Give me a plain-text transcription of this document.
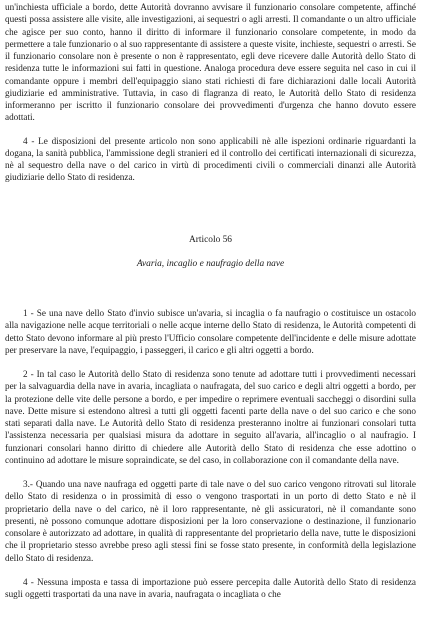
un'inchiesta ufficiale a bordo, dette Autorità dovranno avvisare il funzionario consolare competente, affinché questi possa assistere alle visite, alle investigazioni, ai sequestri o agli arresti. Il comandante o un altro ufficiale che agisce per suo conto, hanno il diritto di informare il funzionario consolare competente, in modo da permettere a tale funzionario o al suo rappresentante di assistere a queste visite, inchieste, sequestri o arresti. Se il funzionario consolare non è presente o non è rappresentato, egli deve ricevere dalle Autorità dello Stato di residenza tutte le informazioni sui fatti in questione. Analoga procedura deve essere seguita nel caso in cui il comandante oppure i membri dell'equipaggio siano stati richiesti di fare dichiarazioni dalle locali Autorità giudiziarie ed amministrative. Tuttavia, in caso di flagranza di reato, le Autorità dello Stato di residenza informeranno per iscritto il funzionario consolare dei provvedimenti d'urgenza che hanno dovuto essere adottati.

4 - Le disposizioni del presente articolo non sono applicabili nè alle ispezioni ordinarie riguardanti la dogana, la sanità pubblica, l'ammissione degli stranieri ed il controllo dei certificati internazionali di sicurezza, nè al sequestro della nave o del carico in virtù di procedimenti civili o commerciali dinanzi alle Autorità giudiziarie dello Stato di residenza.

Articolo 56
Avaria, incaglio e naufragio della nave

1 - Se una nave dello Stato d'invio subisce un'avaria, si incaglia o fa naufragio o costituisce un ostacolo alla navigazione nelle acque territoriali o nelle acque interne dello Stato di residenza, le Autorità competenti di detto Stato devono informare al più presto l'Ufficio consolare competente dell'incidente e delle misure adottate per preservare la nave, l'equipaggio, i passeggeri, il carico e gli altri oggetti a bordo.

2 - In tal caso le Autorità dello Stato di residenza sono tenute ad adottare tutti i provvedimenti necessari per la salvaguardia della nave in avaria, incagliata o naufragata, del suo carico e degli altri oggetti a bordo, per la protezione delle vite delle persone a bordo, e per impedire o reprimere eventuali saccheggi o disordini sulla nave. Dette misure si estendono altresì a tutti gli oggetti facenti parte della nave o del suo carico e che sono stati separati dalla nave. Le Autorità dello Stato di residenza presteranno inoltre ai funzionari consolari tutta l'assistenza necessaria per qualsiasi misura da adottare in seguito all'avaria, all'incaglio o al naufragio. I funzionari consolari hanno diritto di chiedere alle Autorità dello Stato di residenza che esse adottino o continuino ad adottare le misure sopraindicate, se del caso, in collaborazione con il comandante della nave.

3.- Quando una nave naufraga ed oggetti parte di tale nave o del suo carico vengono ritrovati sul litorale dello Stato di residenza o in prossimità di esso o vengono trasportati in un porto di detto Stato e nè il proprietario della nave o del carico, nè il loro rappresentante, nè gli assicuratori, nè il comandante sono presenti, nè possono comunque adottare disposizioni per la loro conservazione o destinazione, il funzionario consolare è autorizzato ad adottare, in qualità di rappresentante del proprietario della nave, tutte le disposizioni che il proprietario stesso avrebbe preso agli stessi fini se fosse stato presente, in conformità della legislazione dello Stato di residenza.

4 - Nessuna imposta e tassa di importazione può essere percepita dalle Autorità dello Stato di residenza sugli oggetti trasportati da una nave in avaria, naufragata o incagliata o che
